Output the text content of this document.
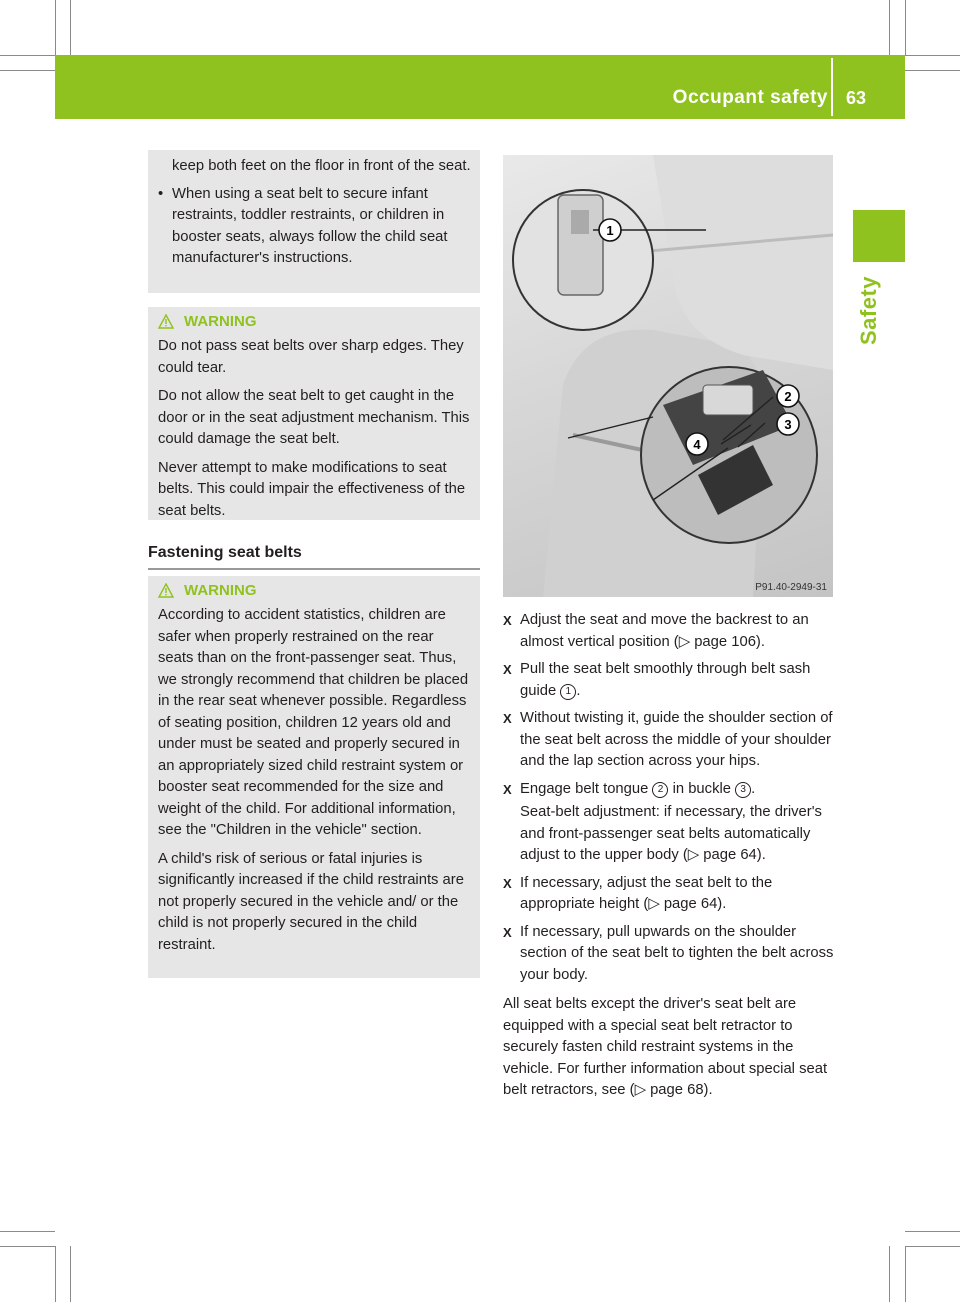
Occupant safety 63
Safety
keep both feet on the floor in front of the seat.
• When using a seat belt to secure infant restraints, toddler restraints, or children in booster seats, always follow the child seat manufacturer's instructions.
WARNING

Do not pass seat belts over sharp edges. They could tear.

Do not allow the seat belt to get caught in the door or in the seat adjustment mechanism. This could damage the seat belt.

Never attempt to make modifications to seat belts. This could impair the effectiveness of the seat belts.

Fastening seat belts
WARNING

According to accident statistics, children are safer when properly restrained on the rear seats than on the front-passenger seat. Thus, we strongly recommend that children be placed in the rear seat whenever possible. Regardless of seating position, children 12 years old and under must be seated and properly secured in an appropriately sized child restraint system or booster seat recommended for the size and weight of the child. For additional information, see the "Children in the vehicle" section.

A child's risk of serious or fatal injuries is significantly increased if the child restraints are not properly secured in the vehicle and/ or the child is not properly secured in the child restraint.

1
2
3
4
P91.40-2949-31
X Adjust the seat and move the backrest to an almost vertical position (▷ page 106).
X Pull the seat belt smoothly through belt sash guide 1 .
X Without twisting it, guide the shoulder section of the seat belt across the middle of your shoulder and the lap section across your hips.
X Engage belt tongue 2 in buckle 3 .
Seat-belt adjustment: if necessary, the driver's and front-passenger seat belts automatically adjust to the upper body (▷ page 64).
X If necessary, adjust the seat belt to the appropriate height (▷ page 64).
X If necessary, pull upwards on the shoulder section of the seat belt to tighten the belt across your body.
All seat belts except the driver's seat belt are equipped with a special seat belt retractor to securely fasten child restraint systems in the vehicle. For further information about special seat belt retractors, see (▷ page 68).
